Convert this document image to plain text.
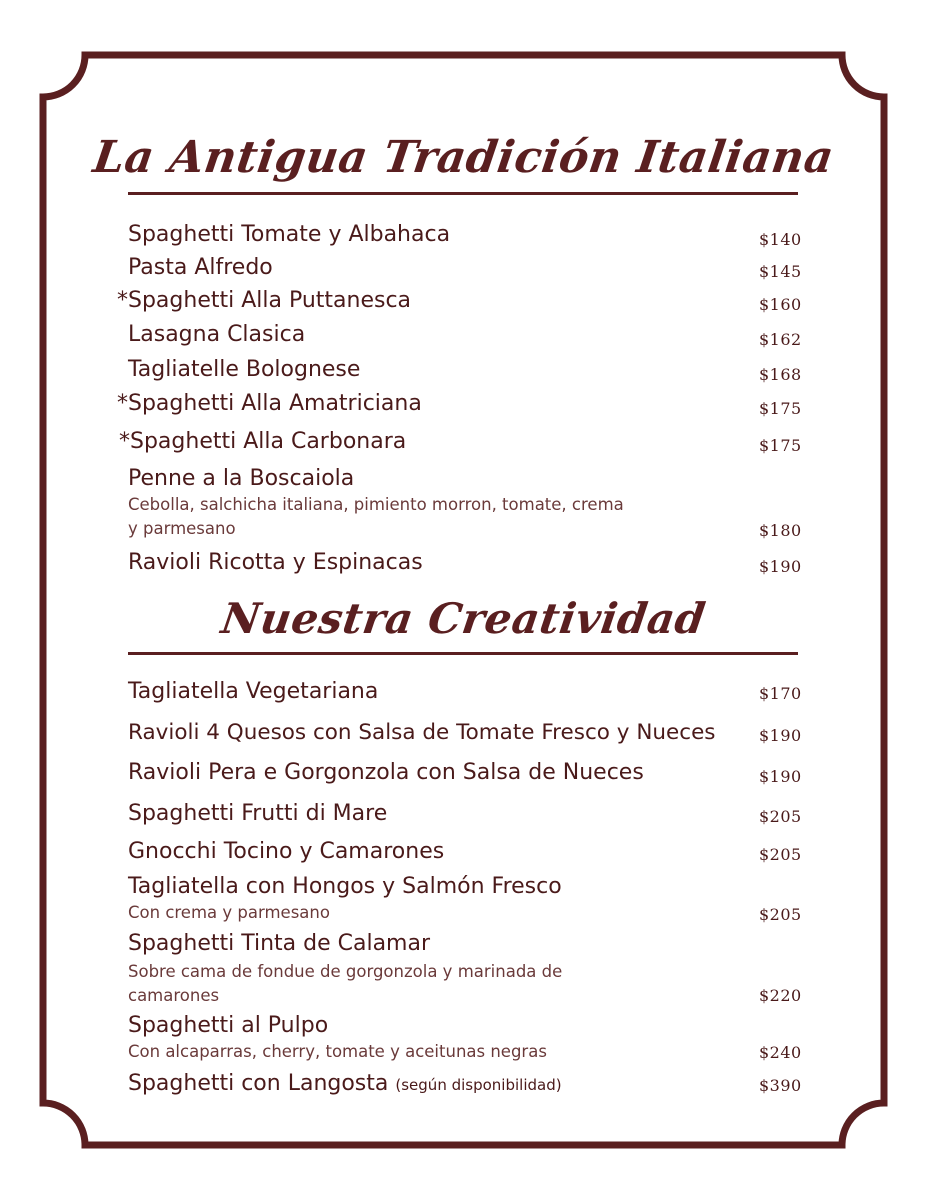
La Antigua Tradición Italiana
Spaghetti Tomate y Albahaca	$140
Pasta Alfredo	$145
*Spaghetti Alla Puttanesca	$160
Lasagna Clasica	$162
Tagliatelle Bolognese	$168
*Spaghetti Alla Amatriciana	$175
*Spaghetti Alla Carbonara	$175
Penne a la Boscaiola
Cebolla, salchicha italiana, pimiento morron, tomate, crema
y parmesano	$180
Ravioli Ricotta y Espinacas	$190
Nuestra Creatividad
Tagliatella Vegetariana	$170
Ravioli 4 Quesos con Salsa de Tomate Fresco y Nueces	$190
Ravioli Pera e Gorgonzola con Salsa de Nueces	$190
Spaghetti Frutti di Mare	$205
Gnocchi Tocino y Camarones	$205
Tagliatella con Hongos y Salmón Fresco
Con crema y parmesano	$205
Spaghetti Tinta de Calamar
Sobre cama de fondue de gorgonzola y marinada de
camarones	$220
Spaghetti al Pulpo
Con alcaparras, cherry, tomate y aceitunas negras	$240
Spaghetti con Langosta (según disponibilidad)	$390
